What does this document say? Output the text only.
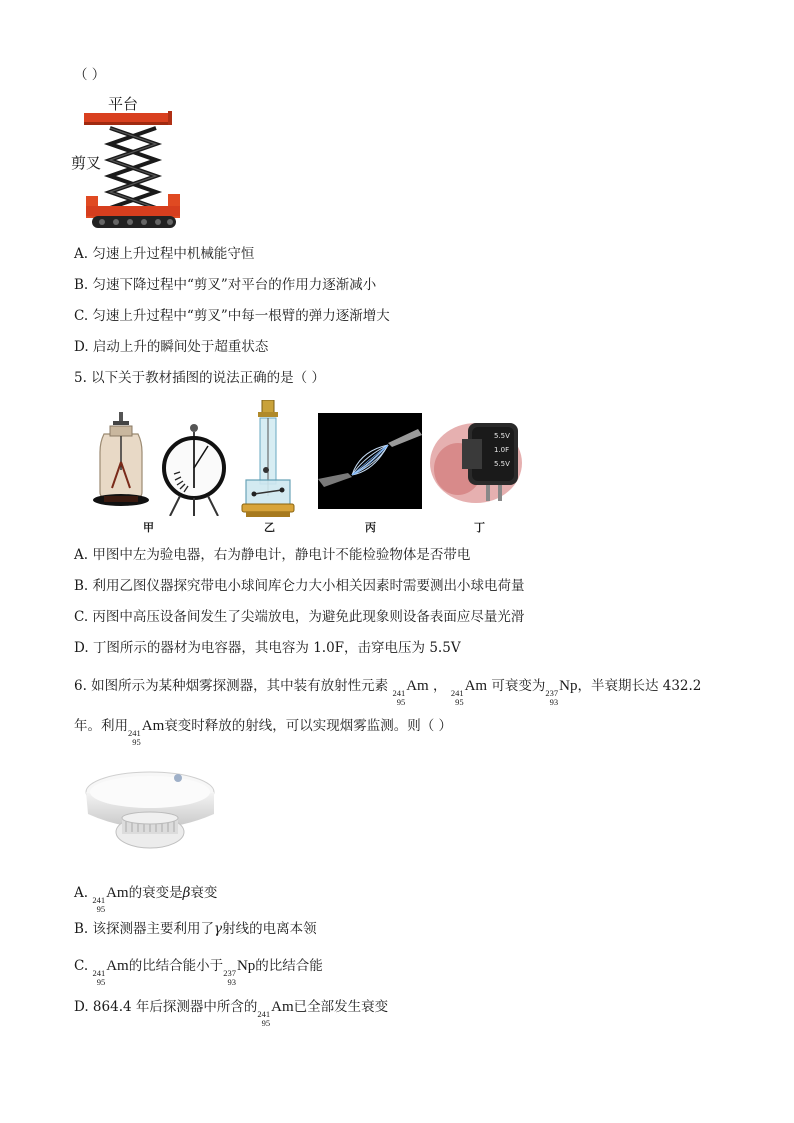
（ ）
平台
剪叉
A. 匀速上升过程中机械能守恒
B. 匀速下降过程中“剪叉”对平台的作用力逐渐减小
C. 匀速上升过程中“剪叉”中每一根臂的弹力逐渐增大
D. 启动上升的瞬间处于超重状态
5. 以下关于教材插图的说法正确的是（ ）
5.5V
1.0F
5.5V
甲	乙	丙	丁
A. 甲图中左为验电器，右为静电计，静电计不能检验物体是否带电
B. 利用乙图仪器探究带电小球间库仑力大小相关因素时需要测出小球电荷量
C. 丙图中高压设备间发生了尖端放电，为避免此现象则设备表面应尽量光滑
D. 丁图所示的器材为电容器，其电容为 1.0F，击穿电压为 5.5V
6. 如图所示为某种烟雾探测器，其中装有放射性元素 241
95
Am ， 241
95
Am 可衰变为 237
93
Np，半衰期长达 432.2
年。利用 241
95
Am衰变时释放的射线，可以实现烟雾监测。则（ ）
A. 241
95
Am的衰变是β衰变
B. 该探测器主要利用了γ射线的电离本领
C. 241
95
Am的比结合能小于 237
93
Np的比结合能
D. 864.4 年后探测器中所含的 241
95
Am已全部发生衰变
